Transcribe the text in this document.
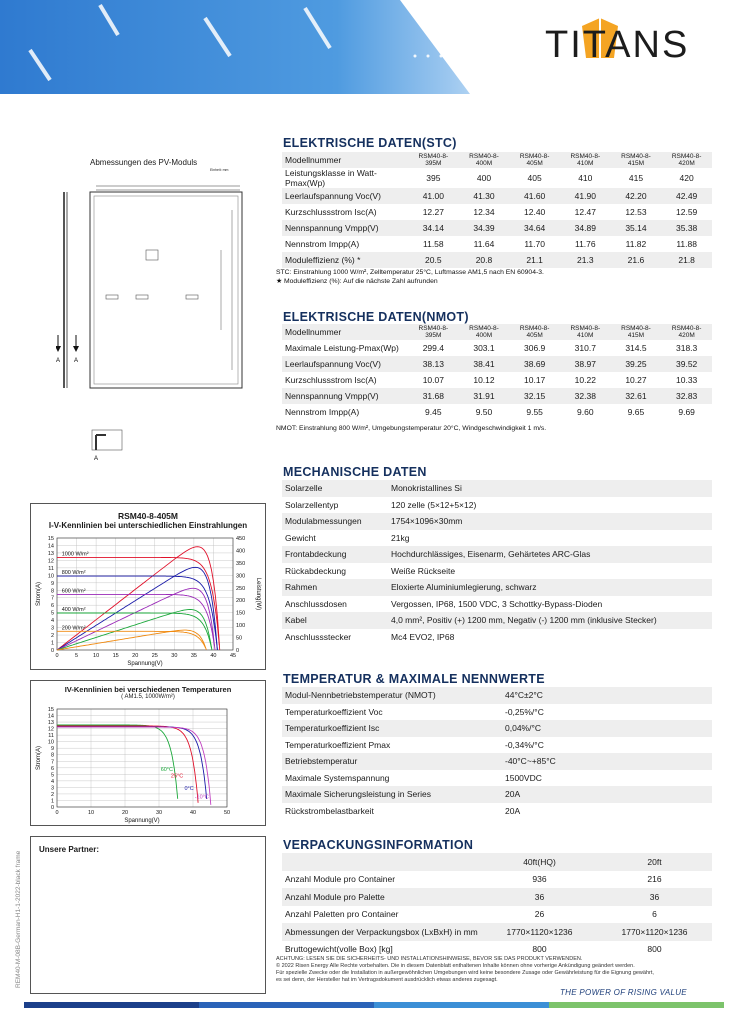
TITANS
Abmessungen des PV-Moduls
Einheit: mm
A A
A
RSM40-8-405M
I-V-Kennlinien bei unterschiedlichen Einstrahlungen
0	5	10 15 20 25 30 35 40 45
0
1
2
3
4
5
6
7
8
9
10
11
12
13
14
15
0
50
100
150
200
250
300
350
400
450
Leistung(W)
Spannung(V)
Strom(A)
1000 W/m²
800 W/m²
600 W/m²
400 W/m²
200 W/m²
IV-Kennlinien bei verschiedenen Temperaturen
( AM1.5, 1000W/m²)
0	10	20	30	40	50
0
1
2
3
4
5
6
7
8
9
10
11
12
13
14
15
Spannung(V)
Strom(A)
60°C
25°C
0°C
-10°C
Unsere Partner:
REM40-M-08B-German-H1-1-2022-black frame
ELEKTRISCHE DATEN(STC)
Modellnummer	RSM40-8-395M	RSM40-8-400M	RSM40-8-405M	RSM40-8-410M	RSM40-8-415M	RSM40-8-420M
Leistungsklasse in Watt-Pmax(Wp)	395	400	405	410	415	420
Leerlaufspannung Voc(V)	41.00	41.30	41.60	41.90	42.20	42.49
Kurzschlussstrom Isc(A)	12.27	12.34	12.40	12.47	12.53	12.59
Nennspannung Vmpp(V)	34.14	34.39	34.64	34.89	35.14	35.38
Nennstrom Impp(A)	11.58	11.64	11.70	11.76	11.82	11.88
Moduleffizienz (%) *	20.5	20.8	21.1	21.3	21.6	21.8
STC: Einstrahlung 1000 W/m², Zelltemperatur 25°C, Luftmasse AM1,5 nach EN 60904-3.
★ Moduleffizienz (%): Auf die nächste Zahl aufrunden
ELEKTRISCHE DATEN(NMOT)
Modellnummer	RSM40-8-395M	RSM40-8-400M	RSM40-8-405M	RSM40-8-410M	RSM40-8-415M	RSM40-8-420M
Maximale Leistung-Pmax(Wp)	299.4	303.1	306.9	310.7	314.5	318.3
Leerlaufspannung Voc(V)	38.13	38.41	38.69	38.97	39.25	39.52
Kurzschlussstrom Isc(A)	10.07	10.12	10.17	10.22	10.27	10.33
Nennspannung Vmpp(V)	31.68	31.91	32.15	32.38	32.61	32.83
Nennstrom Impp(A)	9.45	9.50	9.55	9.60	9.65	9.69
NMOT: Einstrahlung 800 W/m², Umgebungstemperatur 20°C, Windgeschwindigkeit 1 m/s.
MECHANISCHE DATEN
Solarzelle	Monokristallines Si
Solarzellentyp	120 zelle (5×12+5×12)
Modulabmessungen	1754×1096×30mm
Gewicht	21kg
Frontabdeckung	Hochdurchlässiges, Eisenarm, Gehärtetes ARC-Glas
Rückabdeckung	Weiße Rückseite
Rahmen	Eloxierte Aluminiumlegierung, schwarz
Anschlussdosen	Vergossen, IP68, 1500 VDC, 3 Schottky-Bypass-Dioden
Kabel	4,0 mm², Positiv (+) 1200 mm, Negativ (-) 1200 mm (inklusive Stecker)
Anschlussstecker	Mc4 EVO2, IP68
TEMPERATUR & MAXIMALE NENNWERTE
Modul-Nennbetriebstemperatur (NMOT)	44°C±2°C
Temperaturkoeffizient Voc	-0,25%/°C
Temperaturkoeffizient Isc	0,04%/°C
Temperaturkoeffizient Pmax	-0,34%/°C
Betriebstemperatur	-40°C~+85°C
Maximale Systemspannung	1500VDC
Maximale Sicherungsleistung in Series	20A
Rückstrombelastbarkeit	20A
VERPACKUNGSINFORMATION
	40ft(HQ)	20ft
Anzahl Module pro Container	936	216
Anzahl Module pro Palette	36	36
Anzahl Paletten pro Container	26	6
Abmessungen der Verpackungsbox (LxBxH) in mm	1770×1120×1236	1770×1120×1236
Bruttogewicht(volle Box) [kg]	800	800
ACHTUNG: LESEN SIE DIE SICHERHEITS- UND INSTALLATIONSHINWEISE, BEVOR SIE DAS PRODUKT VERWENDEN.
© 2022 Risen Energy Alle Rechte vorbehalten. Die in diesem Datenblatt enthaltenen Inhalte können ohne vorherige Ankündigung geändert werden.
Für spezielle Zwecke oder die Installation in außergewöhnlichen Umgebungen wird keine besondere Zusage oder Gewährleistung für die Eignung gewährt,
es sei denn, der Hersteller hat im Vertragsdokument ausdrücklich etwas anderes zugesagt.
THE POWER OF RISING VALUE
